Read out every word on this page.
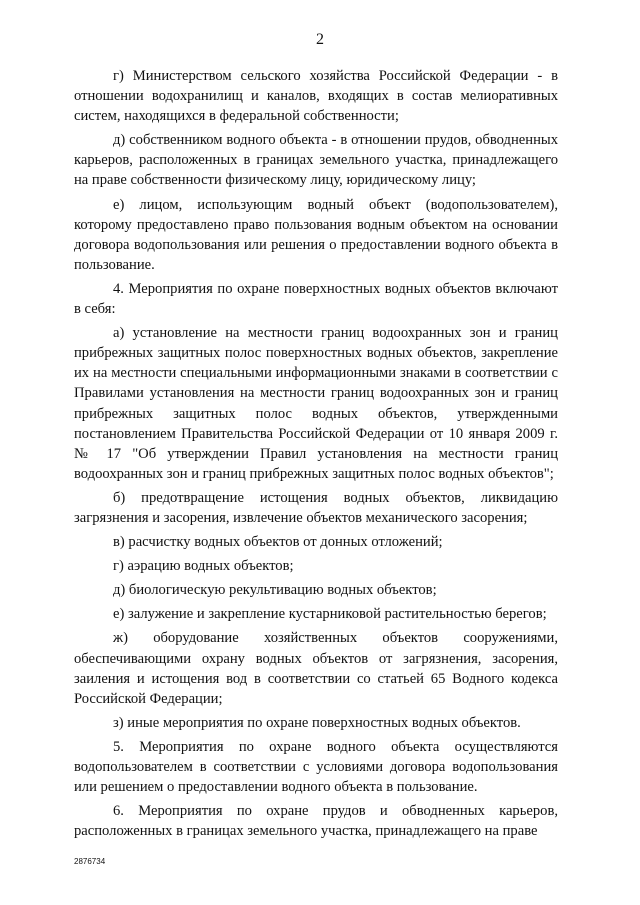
2

г) Министерством сельского хозяйства Российской Федерации - в отношении водохранилищ и каналов, входящих в состав мелиоративных систем, находящихся в федеральной собственности;

д) собственником водного объекта - в отношении прудов, обводненных карьеров, расположенных в границах земельного участка, принадлежащего на праве собственности физическому лицу, юридическому лицу;

е) лицом, использующим водный объект (водопользователем), которому предоставлено право пользования водным объектом на основании договора водопользования или решения о предоставлении водного объекта в пользование.

4. Мероприятия по охране поверхностных водных объектов включают в себя:

а) установление на местности границ водоохранных зон и границ прибрежных защитных полос поверхностных водных объектов, закрепление их на местности специальными информационными знаками в соответствии с Правилами установления на местности границ водоохранных зон и границ прибрежных защитных полос водных объектов, утвержденными постановлением Правительства Российской Федерации от 10 января 2009 г. № 17 "Об утверждении Правил установления на местности границ водоохранных зон и границ прибрежных защитных полос водных объектов";

б) предотвращение истощения водных объектов, ликвидацию загрязнения и засорения, извлечение объектов механического засорения;

в) расчистку водных объектов от донных отложений;

г) аэрацию водных объектов;

д) биологическую рекультивацию водных объектов;

е) залужение и закрепление кустарниковой растительностью берегов;

ж) оборудование хозяйственных объектов сооружениями, обеспечивающими охрану водных объектов от загрязнения, засорения, заиления и истощения вод в соответствии со статьей 65 Водного кодекса Российской Федерации;

з) иные мероприятия по охране поверхностных водных объектов.

5. Мероприятия по охране водного объекта осуществляются водопользователем в соответствии с условиями договора водопользования или решением о предоставлении водного объекта в пользование.

6. Мероприятия по охране прудов и обводненных карьеров, расположенных в границах земельного участка, принадлежащего на праве

2876734
